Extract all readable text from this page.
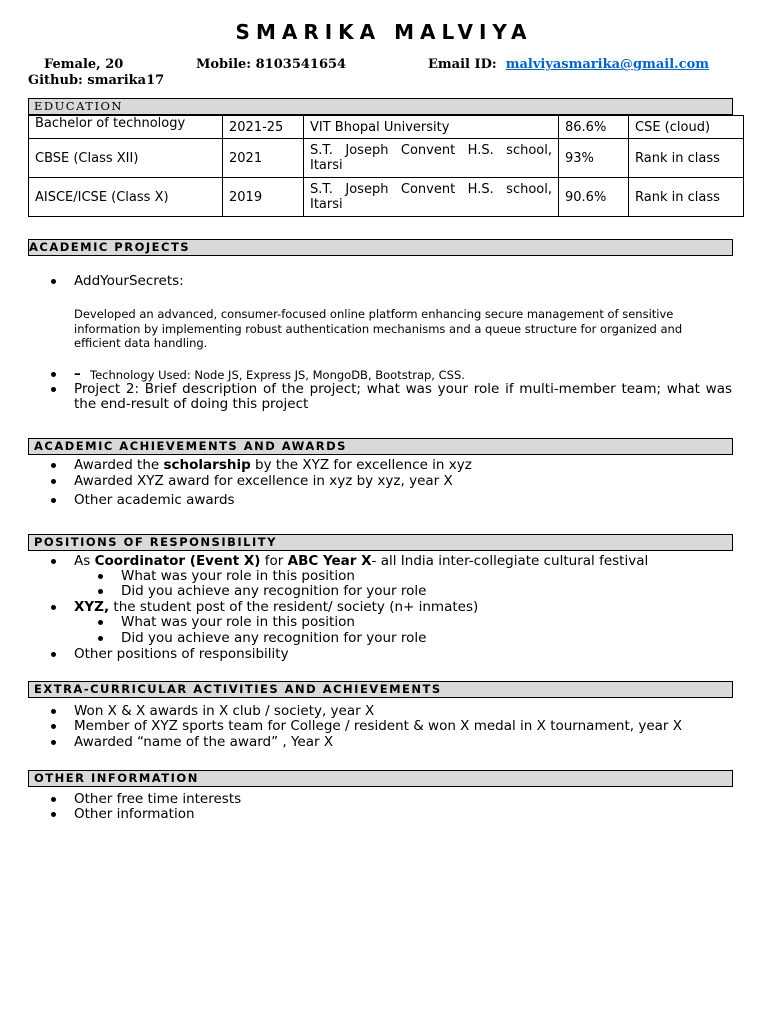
SMARIKA MALVIYA
Female, 20	Mobile: 8103541654	Email ID: malviyasmarika@gmail.com
Github: smarika17
EDUCATION
Bachelor of technology	2021-25	VIT Bhopal University	86.6%	CSE (cloud)
CBSE (Class XII)	2021	S.T. Joseph Convent H.S. school, Itarsi	93%	Rank in class
AISCE/ICSE (Class X)	2019	S.T. Joseph Convent H.S. school, Itarsi	90.6%	Rank in class
ACADEMIC PROJECTS
AddYourSecrets:
Developed an advanced, consumer-focused online platform enhancing secure management of sensitive information by implementing robust authentication mechanisms and a queue structure for organized and efficient data handling.
– Technology Used: Node JS, Express JS, MongoDB, Bootstrap, CSS.
Project 2: Brief description of the project; what was your role if multi-member team; what was the end-result of doing this project
ACADEMIC ACHIEVEMENTS AND AWARDS
Awarded the scholarship by the XYZ for excellence in xyz
Awarded XYZ award for excellence in xyz by xyz, year X
Other academic awards
POSITIONS OF RESPONSIBILITY
As Coordinator (Event X) for ABC Year X- all India inter-collegiate cultural festival
What was your role in this position
Did you achieve any recognition for your role
XYZ, the student post of the resident/ society (n+ inmates)
What was your role in this position
Did you achieve any recognition for your role
Other positions of responsibility
EXTRA-CURRICULAR ACTIVITIES AND ACHIEVEMENTS
Won X & X awards in X club / society, year X
Member of XYZ sports team for College / resident & won X medal in X tournament, year X
Awarded “name of the award” , Year X
OTHER INFORMATION
Other free time interests
Other information
